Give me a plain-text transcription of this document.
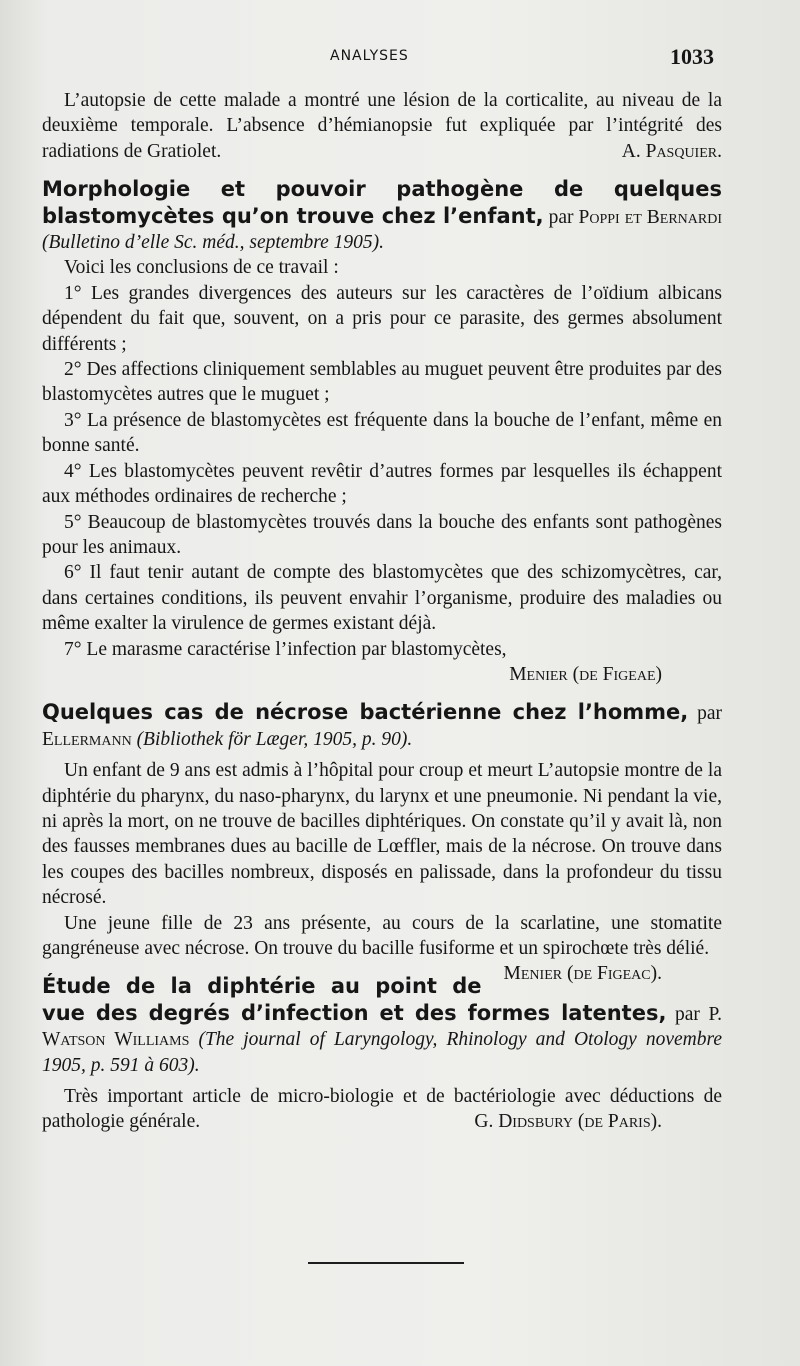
ANALYSES	1033

L’autopsie de cette malade a montré une lésion de la corticalite, au niveau de la deuxième temporale. L’absence d’hémianopsie fut expliquée par l’intégrité des radiations de Gratiolet.	A. Pasquier.

Morphologie et pouvoir pathogène de quelques blastomycètes qu’on trouve chez l’enfant, par Poppi et Bernardi (Bulletino d’elle Sc. méd., septembre 1905).

Voici les conclusions de ce travail :

1° Les grandes divergences des auteurs sur les caractères de l’oïdium albicans dépendent du fait que, souvent, on a pris pour ce parasite, des germes absolument différents ;

2° Des affections cliniquement semblables au muguet peuvent être produites par des blastomycètes autres que le muguet ;

3° La présence de blastomycètes est fréquente dans la bouche de l’enfant, même en bonne santé.

4° Les blastomycètes peuvent revêtir d’autres formes par lesquelles ils échappent aux méthodes ordinaires de recherche ;

5° Beaucoup de blastomycètes trouvés dans la bouche des enfants sont pathogènes pour les animaux.

6° Il faut tenir autant de compte des blastomycètes que des schizomycètres, car, dans certaines conditions, ils peuvent envahir l’organisme, produire des maladies ou même exalter la virulence de germes existant déjà.

7° Le marasme caractérise l’infection par blastomycètes,

Menier (de Figeae)

Quelques cas de nécrose bactérienne chez l’homme, par Ellermann (Bibliothek för Læger, 1905, p. 90).

Un enfant de 9 ans est admis à l’hôpital pour croup et meurt L’autopsie montre de la diphtérie du pharynx, du naso-pharynx, du larynx et une pneumonie. Ni pendant la vie, ni après la mort, on ne trouve de bacilles diphtériques. On constate qu’il y avait là, non des fausses membranes dues au bacille de Lœffler, mais de la nécrose. On trouve dans les coupes des bacilles nombreux, disposés en palissade, dans la profondeur du tissu nécrosé.

Une jeune fille de 23 ans présente, au cours de la scarlatine, une stomatite gangréneuse avec nécrose. On trouve du bacille fusiforme et un spirochœte très délié.
Menier (de Figeac).

Étude de la diphtérie au point de vue des degrés d’infection et des formes latentes, par P. Watson Williams (The journal of Laryngology, Rhinology and Otology novembre 1905, p. 591 à 603).

Très important article de micro-biologie et de bactériologie avec déductions de pathologie générale.	G. Didsbury (de Paris).
